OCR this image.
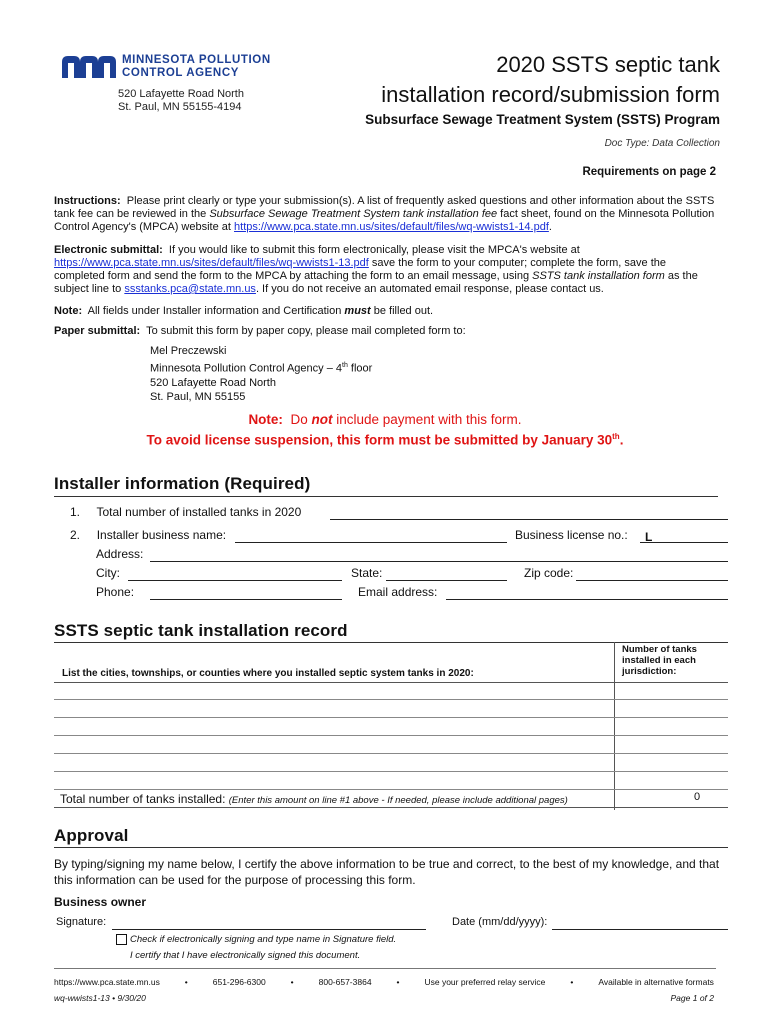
MINNESOTA POLLUTION
CONTROL AGENCY
520 Lafayette Road North
St. Paul, MN 55155-4194
2020 SSTS septic tank
installation record/submission form
Subsurface Sewage Treatment System (SSTS) Program
Doc Type: Data Collection
Requirements on page 2
Instructions: Please print clearly or type your submission(s). A list of frequently asked questions and other information about the SSTS tank fee can be reviewed in the Subsurface Sewage Treatment System tank installation fee fact sheet, found on the Minnesota Pollution Control Agency's (MPCA) website at https://www.pca.state.mn.us/sites/default/files/wq-wwists1-14.pdf.
Electronic submittal: If you would like to submit this form electronically, please visit the MPCA's website at https://www.pca.state.mn.us/sites/default/files/wq-wwists1-13.pdf save the form to your computer; complete the form, save the completed form and send the form to the MPCA by attaching the form to an email message, using SSTS tank installation form as the subject line to ssstanks.pca@state.mn.us. If you do not receive an automated email response, please contact us.
Note: All fields under Installer information and Certification must be filled out.
Paper submittal: To submit this form by paper copy, please mail completed form to:
Mel Preczewski
Minnesota Pollution Control Agency – 4th floor
520 Lafayette Road North
St. Paul, MN 55155
Note: Do not include payment with this form.
To avoid license suspension, this form must be submitted by January 30th.
Installer information (Required)
1. Total number of installed tanks in 2020
2. Installer business name:	Business license no.:	L
Address:
City:	State:	Zip code:
Phone:	Email address:
SSTS septic tank installation record
List the cities, townships, or counties where you installed septic system tanks in 2020:
Number of tanks installed in each jurisdiction:
Total number of tanks installed: (Enter this amount on line #1 above - If needed, please include additional pages)	0
Approval
By typing/signing my name below, I certify the above information to be true and correct, to the best of my knowledge, and that this information can be used for the purpose of processing this form.
Business owner
Signature:	Date (mm/dd/yyyy):
Check if electronically signing and type name in Signature field.
I certify that I have electronically signed this document.
https://www.pca.state.mn.us	•	651-296-6300	•	800-657-3864	•	Use your preferred relay service	•	Available in alternative formats
wq-wwists1-13 • 9/30/20	Page 1 of 2
